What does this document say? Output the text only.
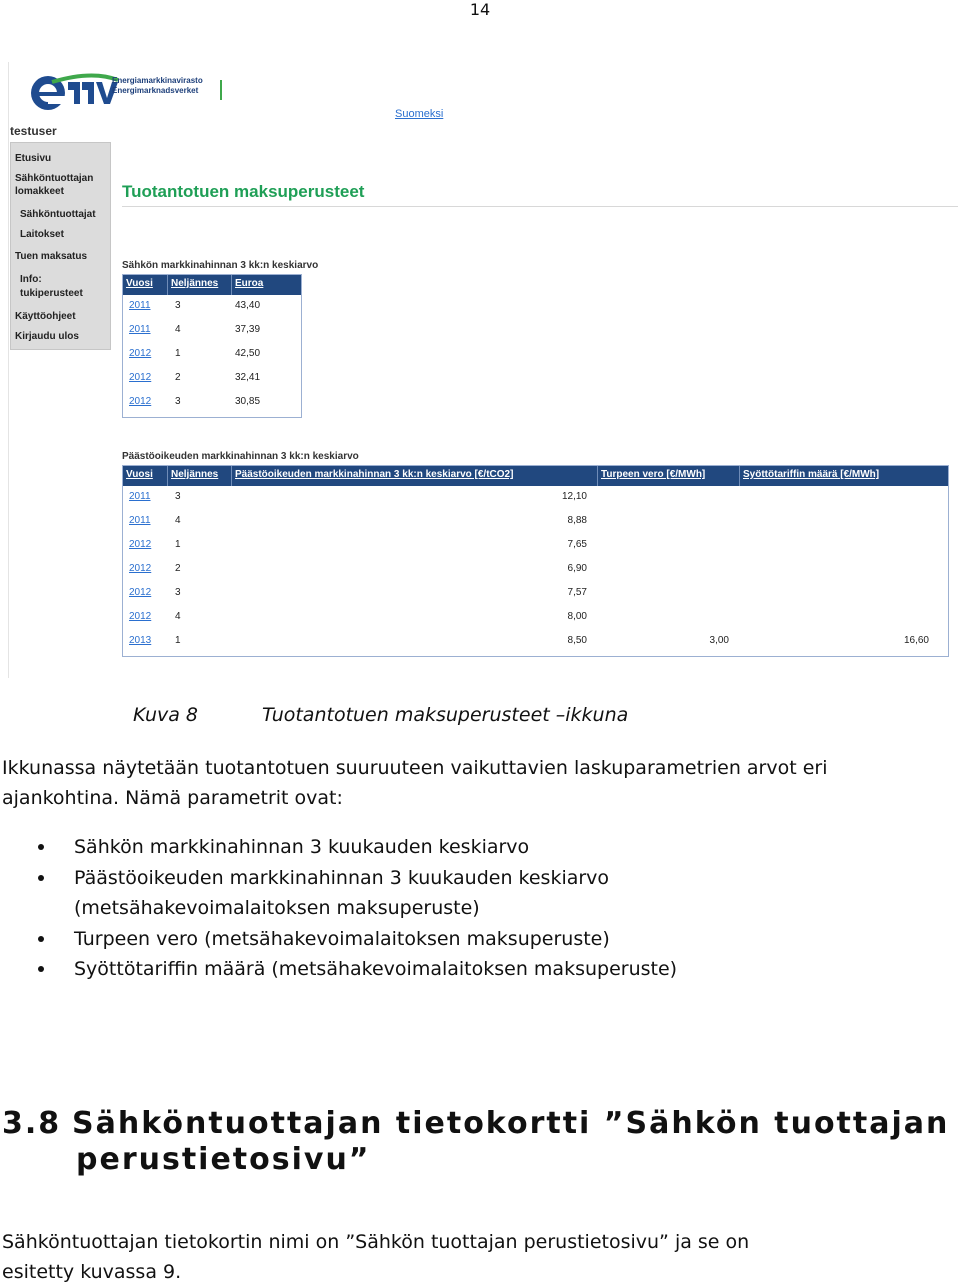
14
Energiamarkkinavirasto
Energimarknadsverket
Suomeksi
testuser
Etusivu
Sähköntuottajan
lomakkeet
Sähköntuottajat
Laitokset
Tuen maksatus
Info:
tukiperusteet
Käyttöohjeet
Kirjaudu ulos
Tuotantotuen maksuperusteet
Sähkön markkinahinnan 3 kk:n keskiarvo
Vuosi Neljännes Euroa
2011 3	43,40
2011 4	37,39
2012 1	42,50
2012 2	32,41
2012 3	30,85
Päästöoikeuden markkinahinnan 3 kk:n keskiarvo
Vuosi Neljännes Päästöoikeuden markkinahinnan 3 kk:n keskiarvo [€/tCO2]	Turpeen vero [€/MWh]	Syöttötariffin määrä [€/MWh]
2011 3	12,10
2011 4	8,88
2012 1	7,65
2012 2	6,90
2012 3	7,57
2012 4	8,00
2013 1	8,50	3,00	16,60
Kuva 8	Tuotantotuen maksuperusteet –ikkuna
Ikkunassa näytetään tuotantotuen suuruuteen vaikuttavien laskuparametrien arvot eri
ajankohtina. Nämä parametrit ovat:
Sähkön markkinahinnan 3 kuukauden keskiarvo
Päästöoikeuden markkinahinnan 3 kuukauden keskiarvo
(metsähakevoimalaitoksen maksuperuste)
Turpeen vero (metsähakevoimalaitoksen maksuperuste)
Syöttötariffin määrä (metsähakevoimalaitoksen maksuperuste)
3.8 Sähköntuottajan tietokortti ”Sähkön tuottajan
perustietosivu”
Sähköntuottajan tietokortin nimi on ”Sähkön tuottajan perustietosivu” ja se on
esitetty kuvassa 9.
